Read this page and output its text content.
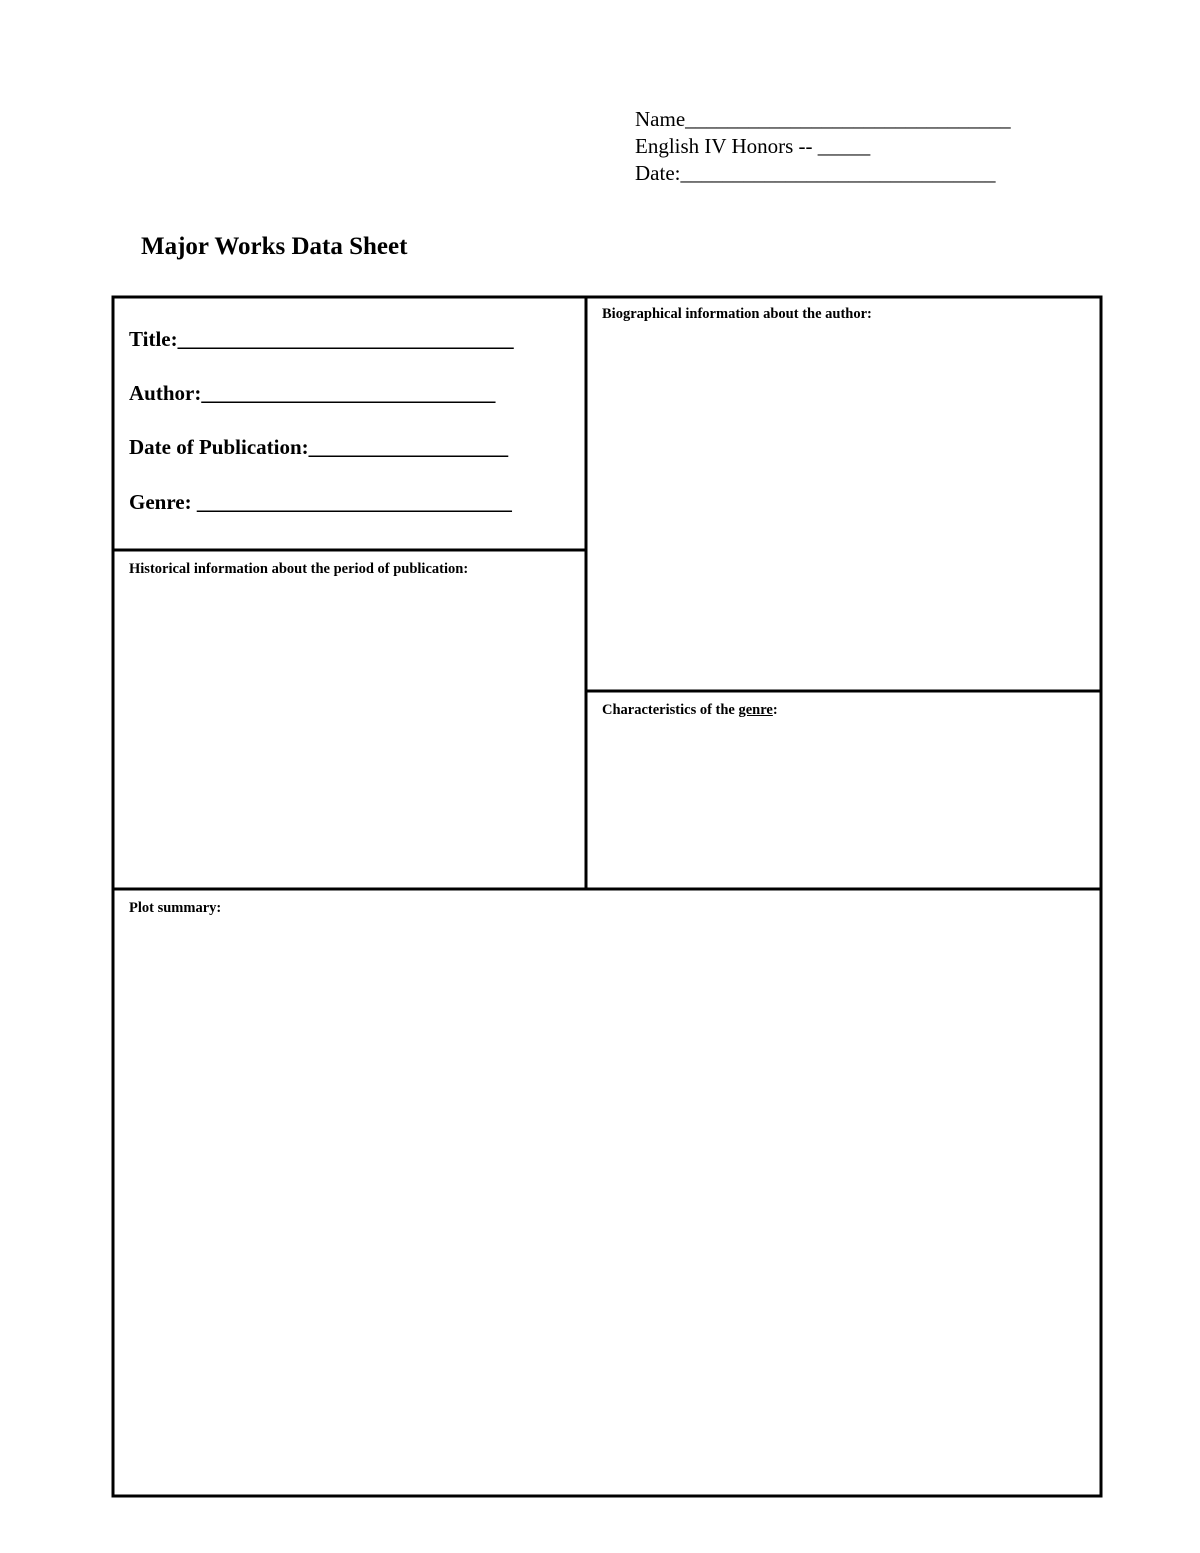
Name_______________________________
English IV Honors -- _____
Date:______________________________
Major Works Data Sheet
Title:________________________________
Author:____________________________
Date of Publication:___________________
Genre: ______________________________
Biographical information about the author:
Historical information about the period of publication:
Characteristics of the genre:
Plot summary:
